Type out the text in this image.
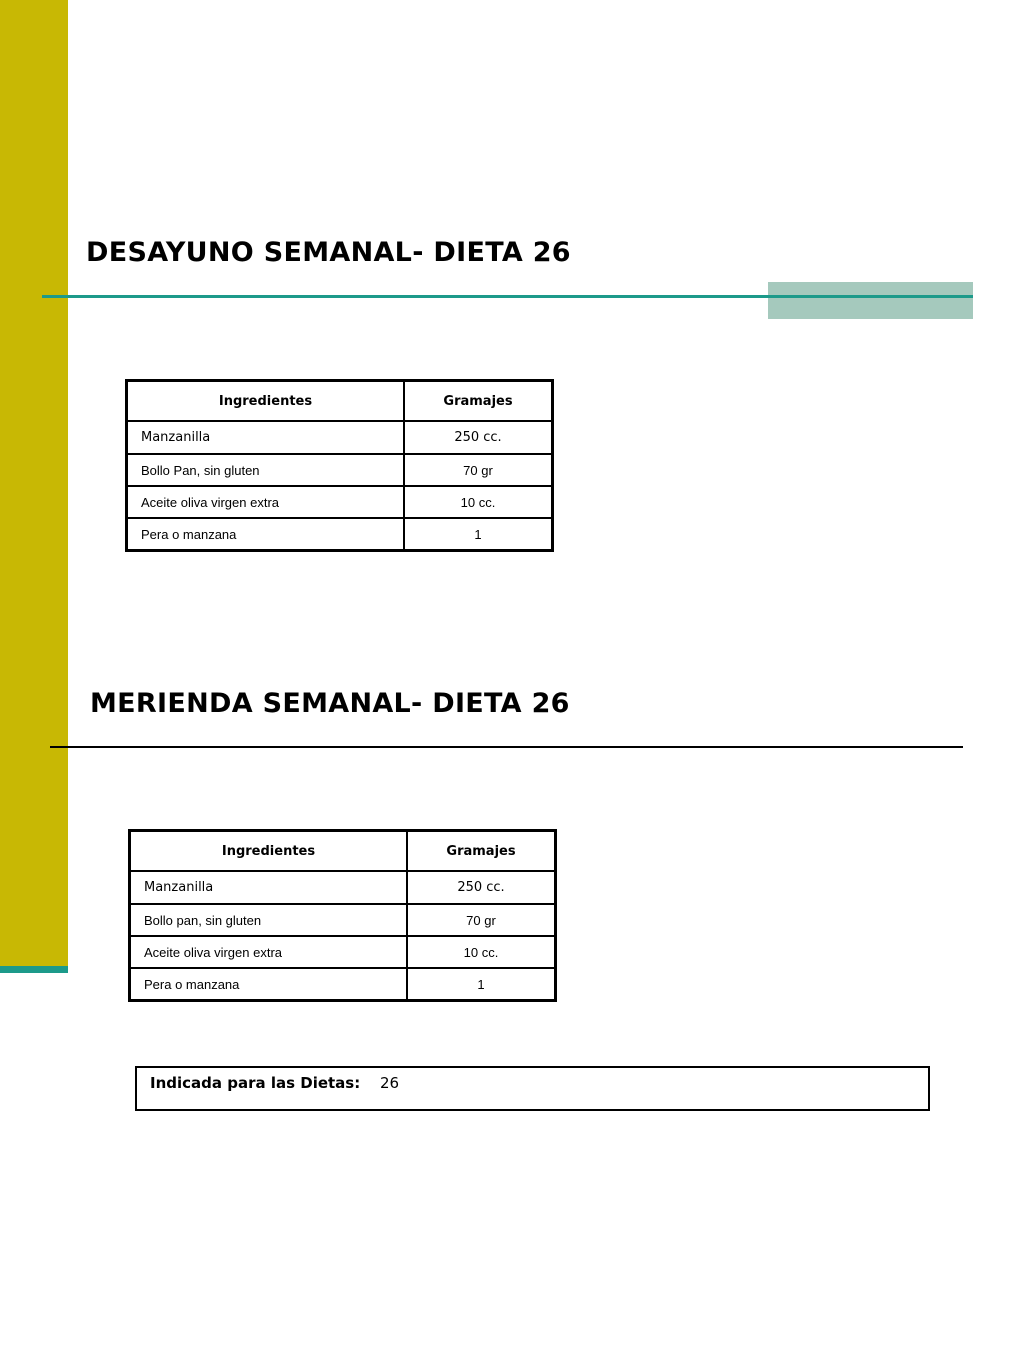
DESAYUNO SEMANAL- DIETA 26
Ingredientes	Gramajes
Manzanilla	250 cc.
Bollo Pan, sin gluten	70 gr
Aceite oliva virgen extra	10 cc.
Pera o manzana	1
MERIENDA SEMANAL- DIETA 26
Ingredientes	Gramajes
Manzanilla	250 cc.
Bollo pan, sin gluten	70 gr
Aceite oliva virgen extra	10 cc.
Pera o manzana	1
Indicada para las Dietas: 26
